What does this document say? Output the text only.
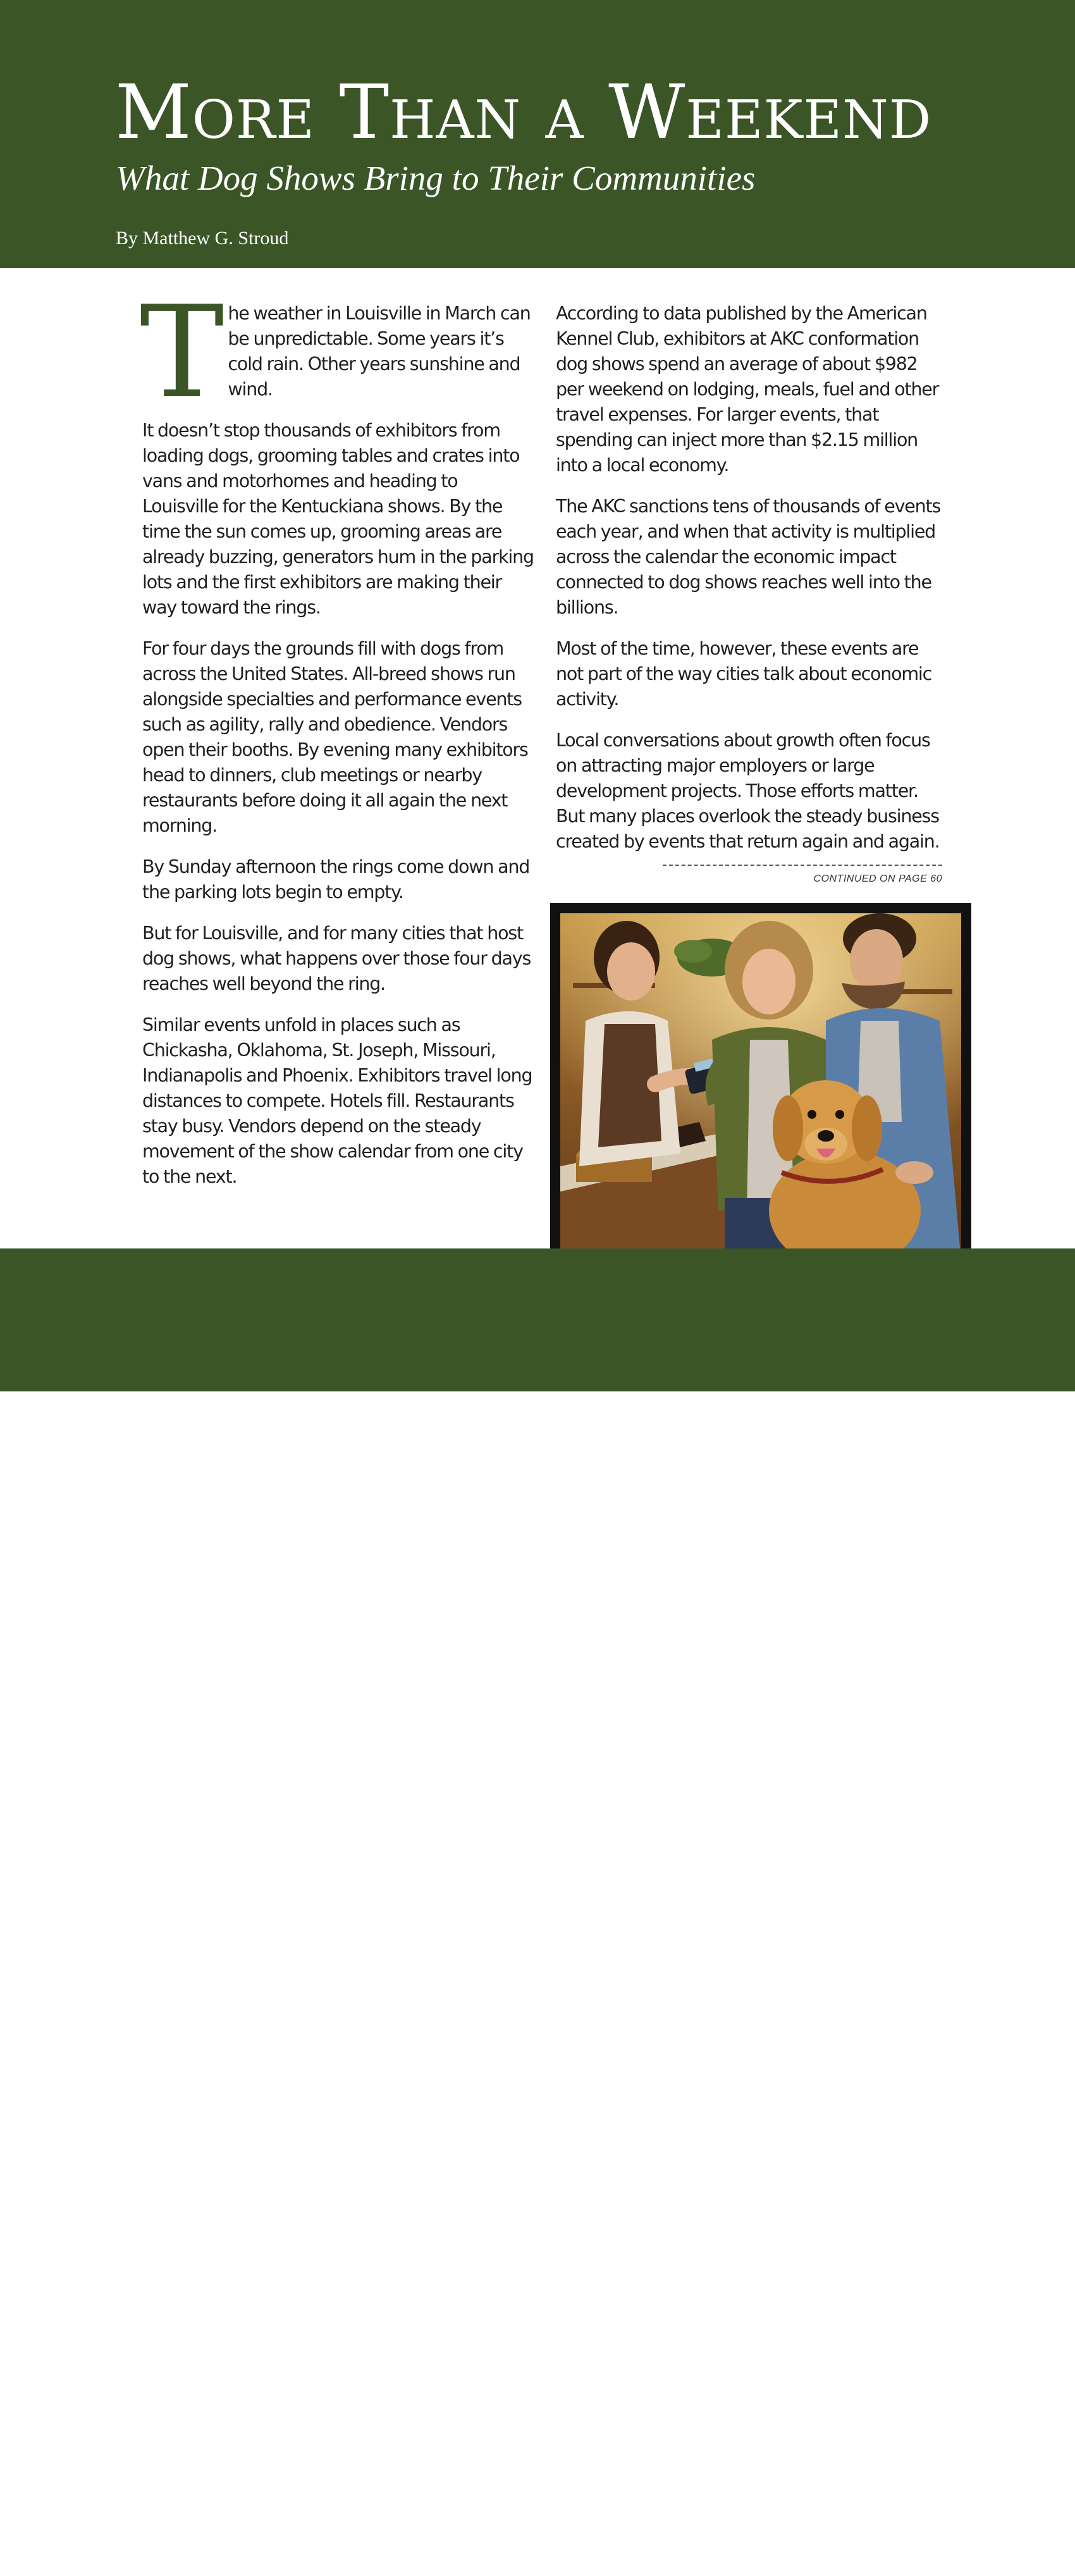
More Than a Weekend
What Dog Shows Bring to Their Communities
By Matthew G. Stroud

The weather in Louisville in March can be unpredictable. Some years it’s cold rain. Other years sunshine and wind.

It doesn’t stop thousands of exhibitors from loading dogs, grooming tables and crates into vans and motorhomes and heading to Louisville for the Kentuckiana shows. By the time the sun comes up, grooming areas are already buzzing, generators hum in the parking lots and the first exhibitors are making their way toward the rings.

For four days the grounds fill with dogs from across the United States. All-breed shows run alongside specialties and performance events such as agility, rally and obedience. Vendors open their booths. By evening many exhibitors head to dinners, club meetings or nearby restaurants before doing it all again the next morning.

By Sunday afternoon the rings come down and the parking lots begin to empty.

But for Louisville, and for many cities that host dog shows, what happens over those four days reaches well beyond the ring.

Similar events unfold in places such as Chickasha, Oklahoma, St. Joseph, Missouri, Indianapolis and Phoenix. Exhibitors travel long distances to compete. Hotels fill. Restaurants stay busy. Vendors depend on the steady movement of the show calendar from one city to the next.

According to data published by the American Kennel Club, exhibitors at AKC conformation dog shows spend an average of about $982 per weekend on lodging, meals, fuel and other travel expenses. For larger events, that spending can inject more than $2.15 million into a local economy.

The AKC sanctions tens of thousands of events each year, and when that activity is multiplied across the calendar the economic impact connected to dog shows reaches well into the billions.

Most of the time, however, these events are not part of the way cities talk about economic activity.

Local conversations about growth often focus on attracting major employers or large development projects. Those efforts matter. But many places overlook the steady business created by events that return again and again.

CONTINUED ON PAGE 60
26 DOG NEWS MAGAZINE
